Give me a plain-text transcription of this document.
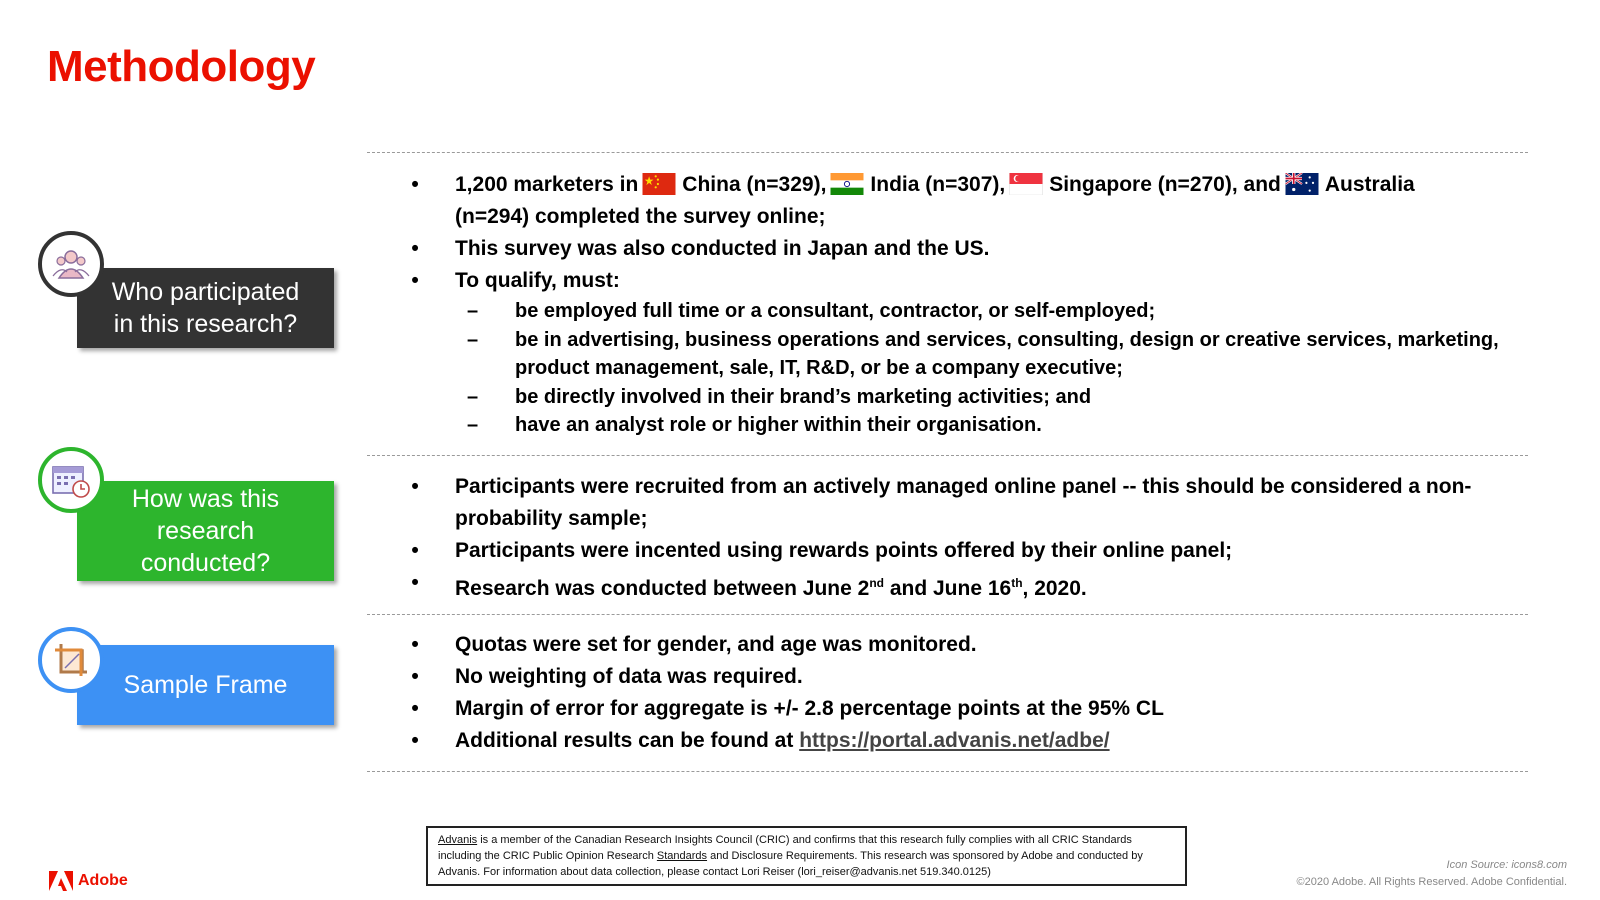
Methodology
Who participated
in this research?
•	1,200 marketers in China (n=329), India (n=307), Singapore (n=270), and Australia
(n=294) completed the survey online;
•	This survey was also conducted in Japan and the US.
•	To qualify, must:
– be employed full time or a consultant, contractor, or self-employed;
– be in advertising, business operations and services, consulting, design or creative services, marketing, product management, sale, IT, R&D, or be a company executive;
– be directly involved in their brand’s marketing activities; and
– have an analyst role or higher within their organisation.
How was this
research
conducted?
•	Participants were recruited from an actively managed online panel -- this should be considered a non-probability sample;
•	Participants were incented using rewards points offered by their online panel;
•	Research was conducted between June 2nd and June 16th, 2020.
Sample Frame
•	Quotas were set for gender, and age was monitored.
•	No weighting of data was required.
•	Margin of error for aggregate is +/- 2.8 percentage points at the 95% CL
•	Additional results can be found at https://portal.advanis.net/adbe/
Advanis is a member of the Canadian Research Insights Council (CRIC) and confirms that this research fully complies with all CRIC Standards including the CRIC Public Opinion Research Standards and Disclosure Requirements. This research was sponsored by Adobe and conducted by Advanis. For information about data collection, please contact Lori Reiser (lori_reiser@advanis.net 519.340.0125)
Adobe
Icon Source: icons8.com
©2020 Adobe. All Rights Reserved. Adobe Confidential.
